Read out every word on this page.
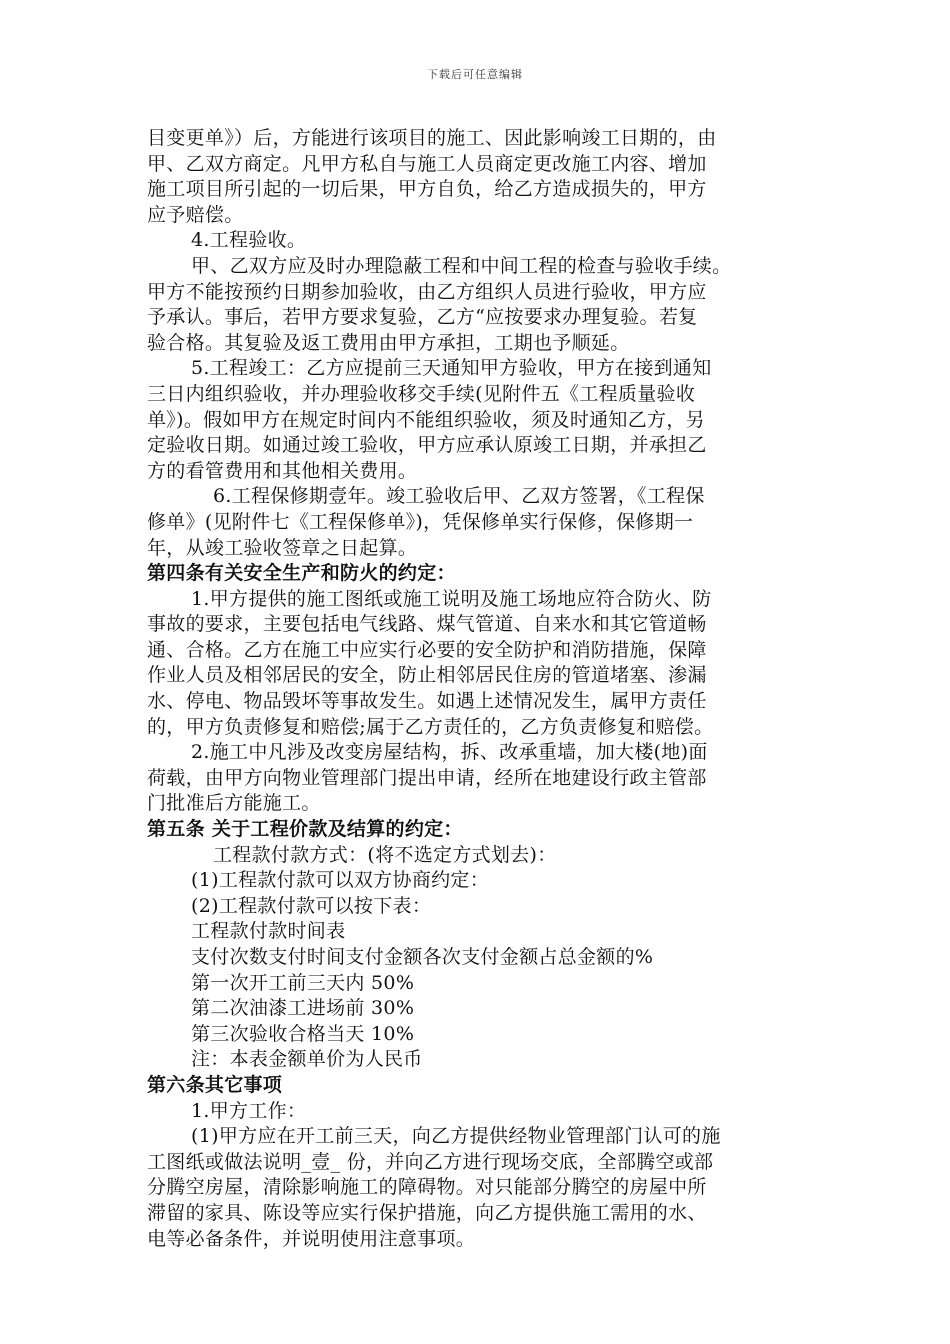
下载后可任意编辑
目变更单》）后，方能进行该项目的施工、因此影响竣工日期的，由
甲、乙双方商定。凡甲方私自与施工人员商定更改施工内容、增加
施工项目所引起的一切后果，甲方自负，给乙方造成损失的，甲方
应予赔偿。
4.工程验收。
甲、乙双方应及时办理隐蔽工程和中间工程的检查与验收手续。
甲方不能按预约日期参加验收，由乙方组织人员进行验收，甲方应
予承认。事后，若甲方要求复验，乙方“应按要求办理复验。若复
验合格。其复验及返工费用由甲方承担，工期也予顺延。
5.工程竣工：乙方应提前三天通知甲方验收，甲方在接到通知
三日内组织验收，并办理验收移交手续(见附件五《工程质量验收
单》)。假如甲方在规定时间内不能组织验收，须及时通知乙方，另
定验收日期。如通过竣工验收，甲方应承认原竣工日期，并承担乙
方的看管费用和其他相关费用。
6.工程保修期壹年。竣工验收后甲、乙双方签署，《工程保
修单》(见附件七《工程保修单》)，凭保修单实行保修，保修期一
年，从竣工验收签章之日起算。
第四条有关安全生产和防火的约定：
1.甲方提供的施工图纸或施工说明及施工场地应符合防火、防
事故的要求，主要包括电气线路、煤气管道、自来水和其它管道畅
通、合格。乙方在施工中应实行必要的安全防护和消防措施，保障
作业人员及相邻居民的安全，防止相邻居民住房的管道堵塞、渗漏
水、停电、物品毁坏等事故发生。如遇上述情况发生，属甲方责任
的，甲方负责修复和赔偿;属于乙方责任的，乙方负责修复和赔偿。
2.施工中凡涉及改变房屋结构，拆、改承重墙，加大楼(地)面
荷载，由甲方向物业管理部门提出申请，经所在地建设行政主管部
门批准后方能施工。
第五条 关于工程价款及结算的约定：
工程款付款方式：(将不选定方式划去)：
(1)工程款付款可以双方协商约定：
(2)工程款付款可以按下表：
工程款付款时间表
支付次数支付时间支付金额各次支付金额占总金额的%
第一次开工前三天内 50%
第二次油漆工进场前 30%
第三次验收合格当天 10%
注：本表金额单价为人民币
第六条其它事项
1.甲方工作：
(1)甲方应在开工前三天，向乙方提供经物业管理部门认可的施
工图纸或做法说明_壹_ 份，并向乙方进行现场交底，全部腾空或部
分腾空房屋，清除影响施工的障碍物。对只能部分腾空的房屋中所
滞留的家具、陈设等应实行保护措施，向乙方提供施工需用的水、
电等必备条件，并说明使用注意事项。
